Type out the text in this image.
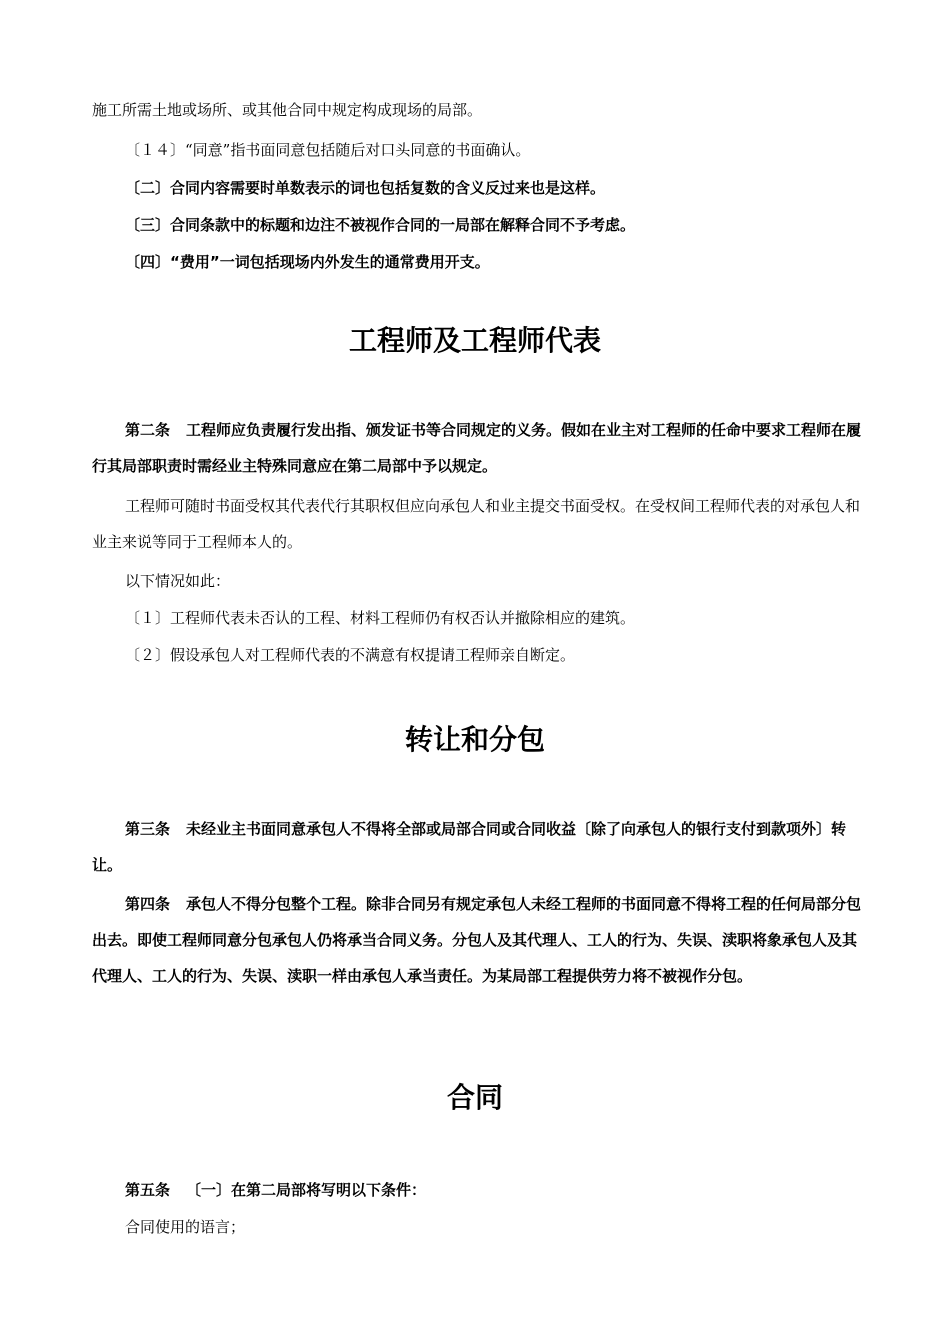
施工所需土地或场所、或其他合同中规定构成现场的局部。
〔１４〕“同意”指书面同意包括随后对口头同意的书面确认。
〔二〕合同内容需要时单数表示的词也包括复数的含义反过来也是这样。
〔三〕合同条款中的标题和边注不被视作合同的一局部在解释合同不予考虑。
〔四〕“费用”一词包括现场内外发生的通常费用开支。
工程师及工程师代表
第二条 工程师应负责履行发出指、颁发证书等合同规定的义务。假如在业主对工程师的任命中要求工程师在履行其局部职责时需经业主特殊同意应在第二局部中予以规定。
工程师可随时书面受权其代表代行其职权但应向承包人和业主提交书面受权。在受权间工程师代表的对承包人和业主来说等同于工程师本人的。
以下情况如此：
〔１〕工程师代表未否认的工程、材料工程师仍有权否认并撤除相应的建筑。
〔２〕假设承包人对工程师代表的不满意有权提请工程师亲自断定。
转让和分包
第三条 未经业主书面同意承包人不得将全部或局部合同或合同收益〔除了向承包人的银行支付到款项外〕转让。
第四条 承包人不得分包整个工程。除非合同另有规定承包人未经工程师的书面同意不得将工程的任何局部分包出去。即使工程师同意分包承包人仍将承当合同义务。分包人及其代理人、工人的行为、失误、渎职将象承包人及其代理人、工人的行为、失误、渎职一样由承包人承当责任。为某局部工程提供劳力将不被视作分包。
合同
第五条 〔一〕在第二局部将写明以下条件：
合同使用的语言；
